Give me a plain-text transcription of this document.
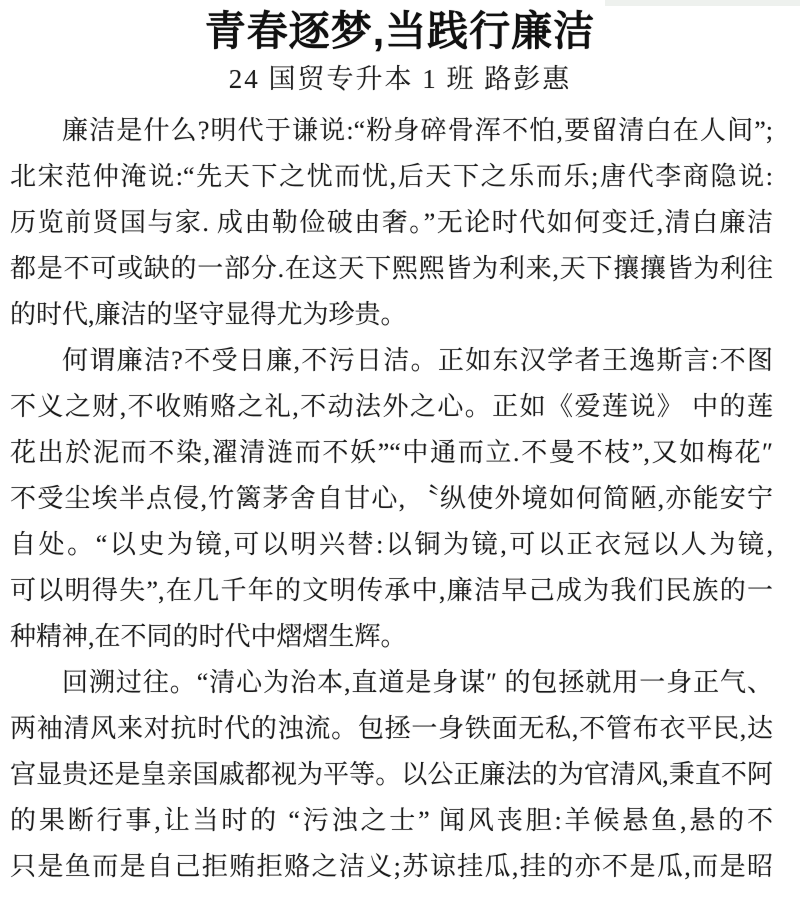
青春逐梦,当践行廉洁
24 国贸专升本 1 班 路彭惠

廉洁是什么?明代于谦说:“粉身碎骨浑不怕,要留清白在人间”;
北宋范仲淹说:“先天下之忧而忧,后天下之乐而乐;唐代李商隐说:
历览前贤国与家. 成由勒俭破由奢。”无论时代如何变迁,清白廉洁
都是不可或缺的一部分.在这天下熙熙皆为利来,天下攘攘皆为利往
的时代,廉洁的坚守显得尤为珍贵。

何谓廉洁?不受日廉,不污日洁。正如东汉学者王逸斯言:不图
不义之财,不收贿赂之礼,不动法外之心。正如《爱莲说》 中的莲
花出於泥而不染,濯清涟而不妖”“中通而立.不曼不枝”,又如梅花″
不受尘埃半点侵,竹篱茅舍自甘心, 〝纵使外境如何简陋,亦能安宁
自处。“以史为镜,可以明兴替:以铜为镜,可以正衣冠以人为镜,
可以明得失”,在几千年的文明传承中,廉洁早己成为我们民族的一
种精神,在不同的时代中熠熠生辉。

回溯过往。“清心为治本,直道是身谋″ 的包拯就用一身正气、
两袖清风来对抗时代的浊流。包拯一身铁面无私,不管布衣平民,达
宫显贵还是皇亲国戚都视为平等。以公正廉法的为官清风,秉直不阿
的果断行事,让当时的 “污浊之士” 闻风丧胆:羊候悬鱼,悬的不
只是鱼而是自己拒贿拒赂之洁义;苏谅挂瓜,挂的亦不是瓜,而是昭
